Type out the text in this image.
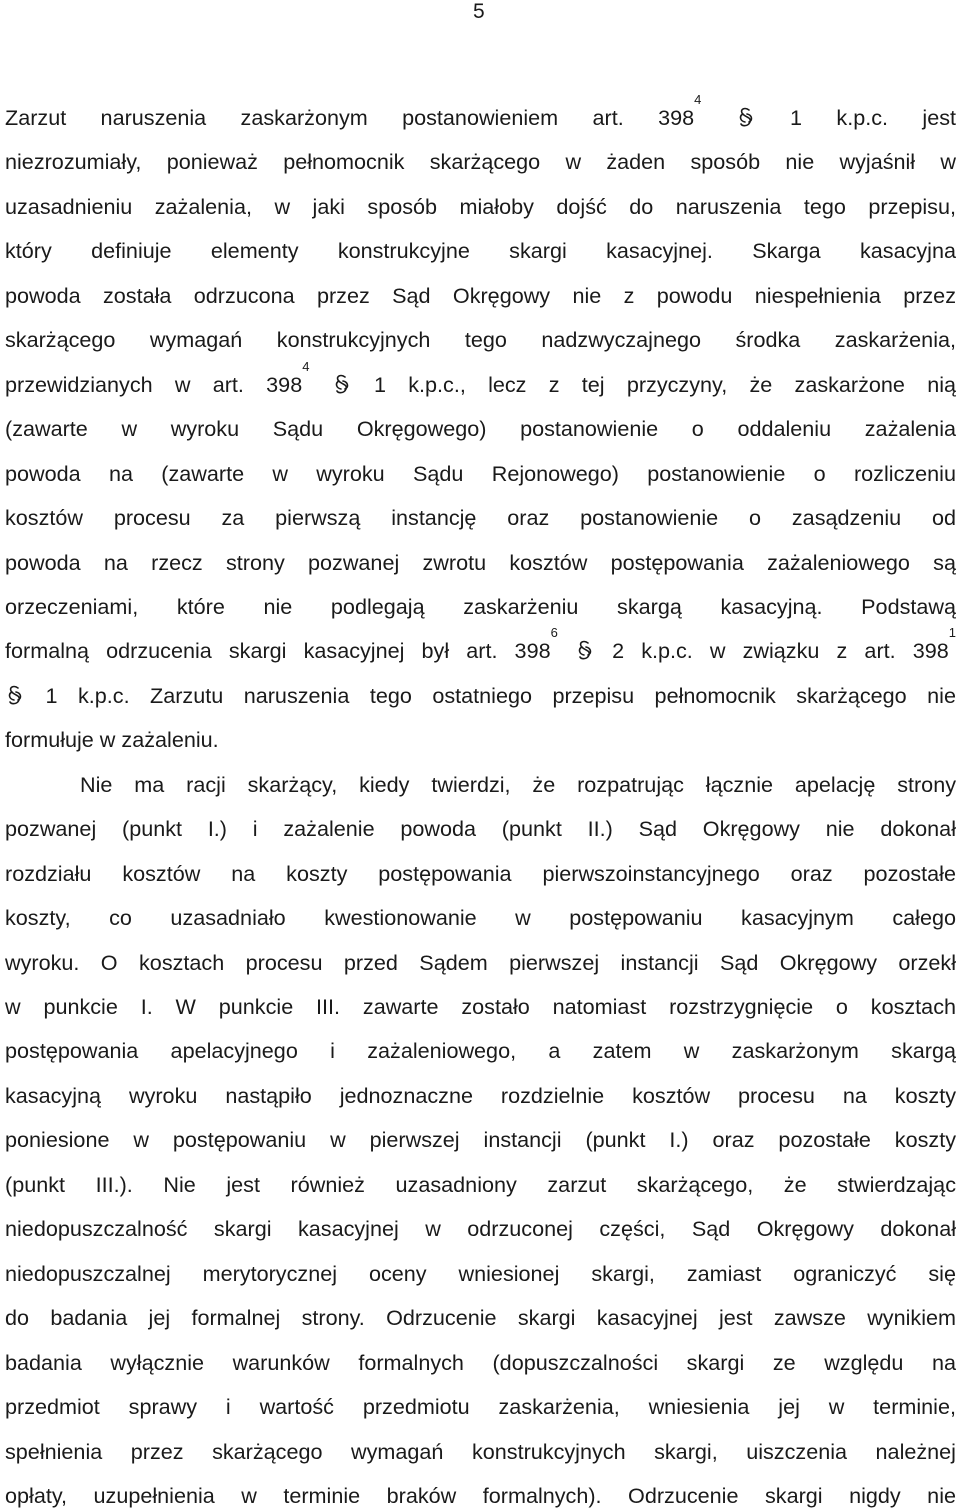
5
Zarzut naruszenia zaskarżonym postanowieniem art. $398^4$
1 k.p.c. jest
niezrozumiały, ponieważ pełnomocnik skarżącego w żaden sposób nie wyjaśnił w
uzasadnieniu zażalenia, w jaki sposób miałoby dojść do naruszenia tego przepisu,
który definiuje elementy konstrukcyjne skargi kasacyjnej. Skarga kasacyjna
powoda została odrzucona przez Sąd Okręgowy nie z powodu niespełnienia przez
skarżącego wymagań konstrukcyjnych tego nadzwyczajnego środka zaskarżenia,
przewidzianych w art. $398^4$
1 k.p.c., lecz z tej przyczyny, że zaskarżone nią
(zawarte w wyroku Sądu Okręgowego) postanowienie o oddaleniu zażalenia
powoda na (zawarte w wyroku Sądu Rejonowego) postanowienie o rozliczeniu
kosztów procesu za pierwszą instancję oraz postanowienie o zasądzeniu od
powoda na rzecz strony pozwanej zwrotu kosztów postępowania zażaleniowego są
orzeczeniami, które nie podlegają zaskarżeniu skargą kasacyjną. Podstawą
formalną odrzucenia skargi kasacyjnej był art. $398^6$
2 k.p.c. w związku z art. $398^1$
1 k.p.c. Zarzutu naruszenia tego ostatniego przepisu pełnomocnik skarżącego nie
formułuje w zażaleniu.
Nie ma racji skarżący, kiedy twierdzi, że rozpatrując łącznie apelację strony
pozwanej (punkt I.) i zażalenie powoda (punkt II.) Sąd Okręgowy nie dokonał
rozdziału kosztów na koszty postępowania pierwszoinstancyjnego oraz pozostałe
koszty, co uzasadniało kwestionowanie w postępowaniu kasacyjnym całego
wyroku. O kosztach procesu przed Sądem pierwszej instancji Sąd Okręgowy orzekł
w punkcie I. W punkcie III. zawarte zostało natomiast rozstrzygnięcie o kosztach
postępowania apelacyjnego i zażaleniowego, a zatem w zaskarżonym skargą
kasacyjną wyroku nastąpiło jednoznaczne rozdzielnie kosztów procesu na koszty
poniesione w postępowaniu w pierwszej instancji (punkt I.) oraz pozostałe koszty
(punkt III.). Nie jest również uzasadniony zarzut skarżącego, że stwierdzając
niedopuszczalność skargi kasacyjnej w odrzuconej części, Sąd Okręgowy dokonał
niedopuszczalnej merytorycznej oceny wniesionej skargi, zamiast ograniczyć się
do badania jej formalnej strony. Odrzucenie skargi kasacyjnej jest zawsze wynikiem
badania wyłącznie warunków formalnych (dopuszczalności skargi ze względu na
przedmiot sprawy i wartość przedmiotu zaskarżenia, wniesienia jej w terminie,
spełnienia przez skarżącego wymagań konstrukcyjnych skargi, uiszczenia należnej
opłaty, uzupełnienia w terminie braków formalnych). Odrzucenie skargi nigdy nie
